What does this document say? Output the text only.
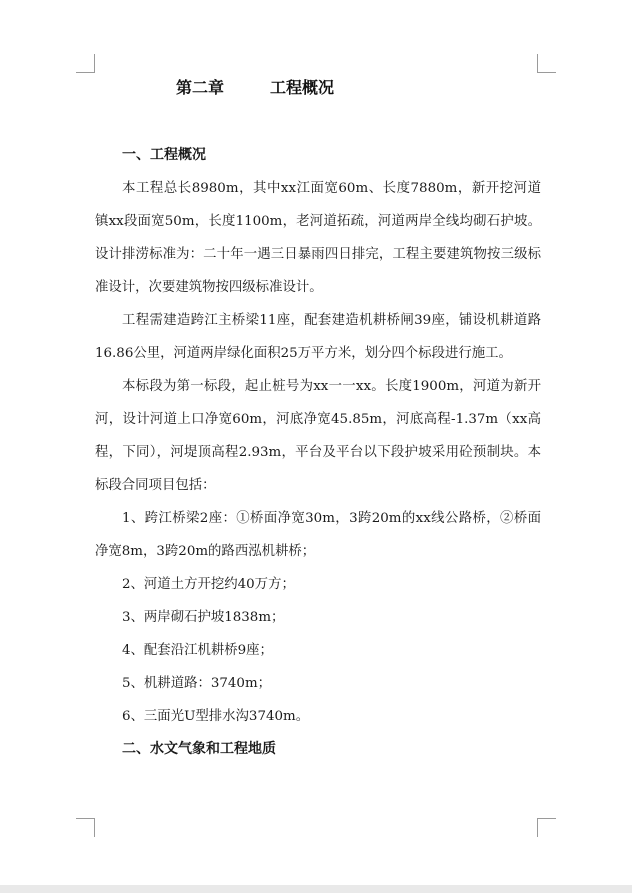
第二章	工程概况

一、工程概况

本工程总长8980m，其中xx江面宽60m、长度7880m，新开挖河道镇xx段面宽50m，长度1100m，老河道拓疏，河道两岸全线均砌石护坡。设计排涝标准为：二十年一遇三日暴雨四日排完，工程主要建筑物按三级标准设计，次要建筑物按四级标准设计。

工程需建造跨江主桥梁11座，配套建造机耕桥闸39座，铺设机耕道路16.86公里，河道两岸绿化面积25万平方米，划分四个标段进行施工。

本标段为第一标段，起止桩号为xx一一xx。长度1900m，河道为新开河，设计河道上口净宽60m，河底净宽45.85m，河底高程-1.37m（xx高程，下同），河堤顶高程2.93m，平台及平台以下段护坡采用砼预制块。本标段合同项目包括：

1、跨江桥梁2座：①桥面净宽30m，3跨20m的xx线公路桥，②桥面净宽8m，3跨20m的路西泓机耕桥；

2、河道土方开挖约40万方；

3、两岸砌石护坡1838m；

4、配套沿江机耕桥9座；

5、机耕道路：3740m；

6、三面光U型排水沟3740m。

二、水文气象和工程地质
